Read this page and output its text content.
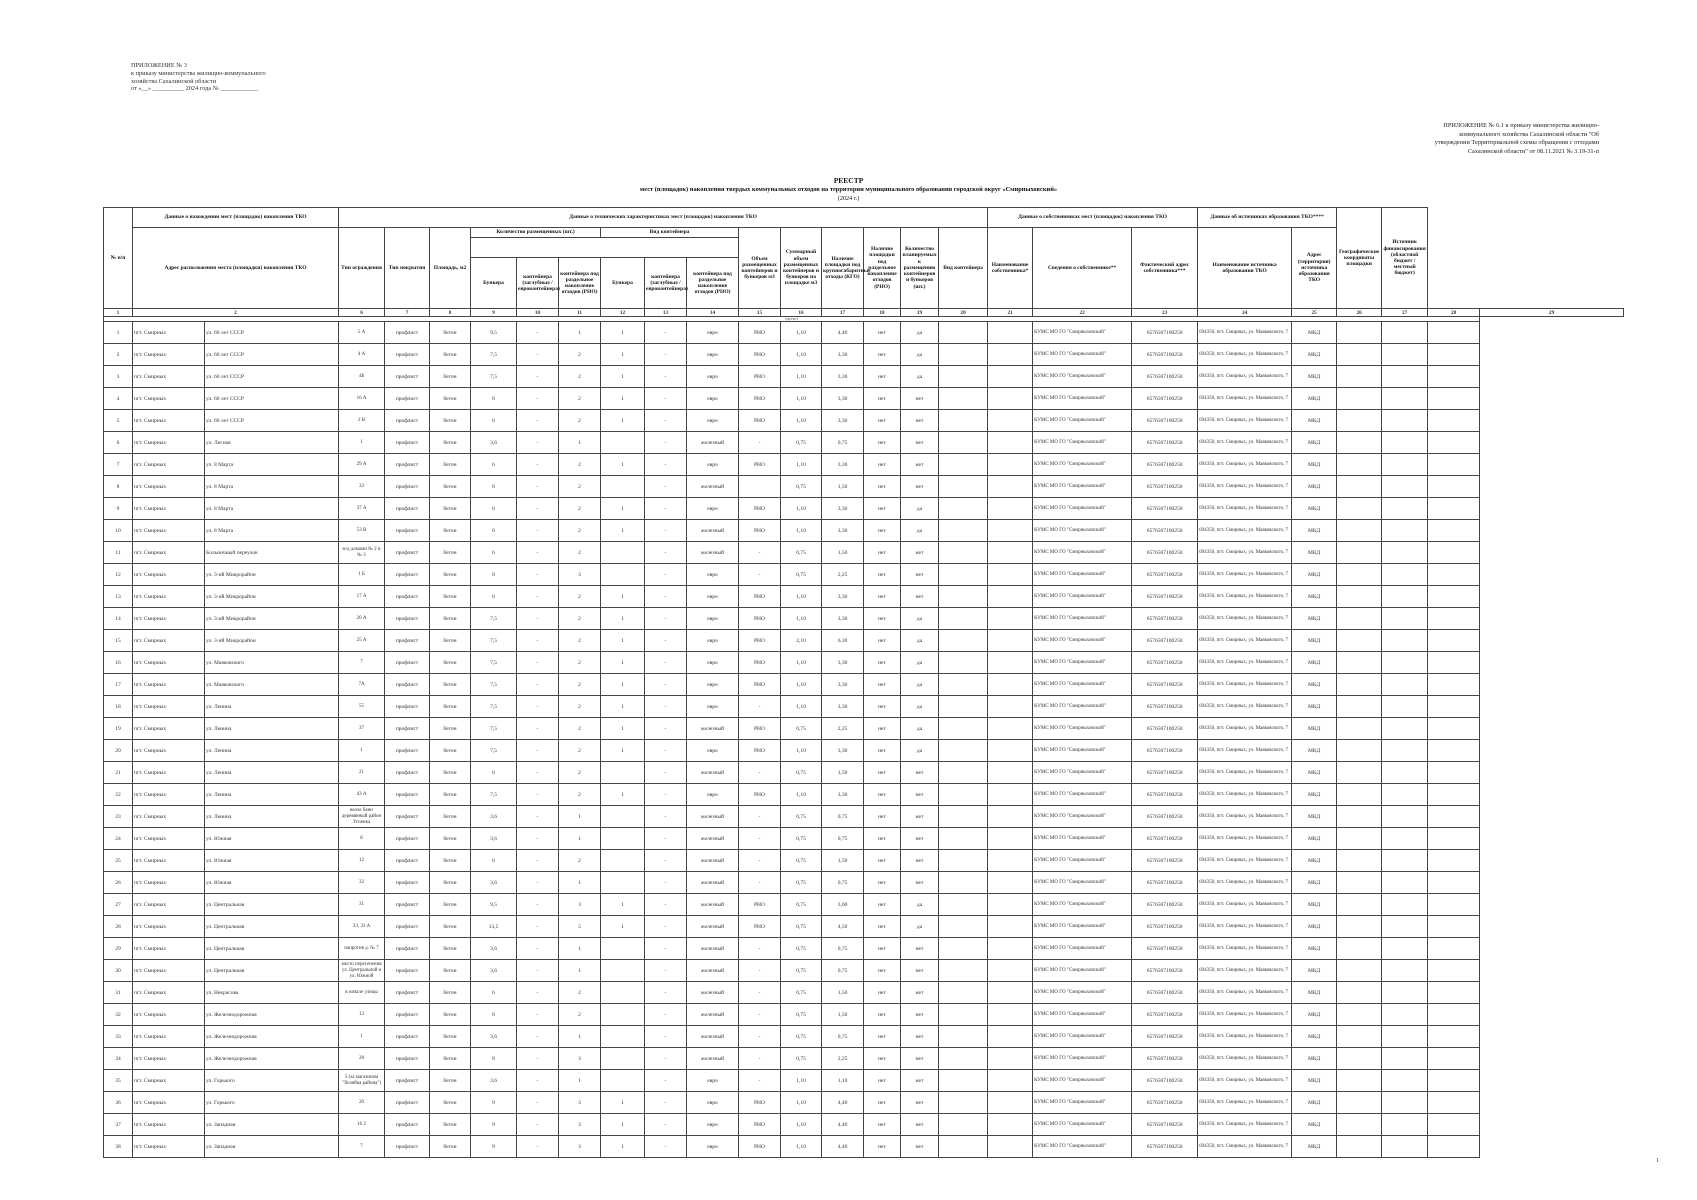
ПРИЛОЖЕНИЕ № 3
к приказу министерства жилищно-коммунального
хозяйства Сахалинской области
от «__» __________ 2024 года № ____________
ПРИЛОЖЕНИЕ № 6.1 к приказу министерства жилищно-
коммунального хозяйства Сахалинской области "Об
утверждении Территориальной схемы обращения с отходами
Сахалинской области" от 08.11.2021 № 3.19-31-п
РЕЕСТР
мест (площадок) накопления твердых коммунальных отходов на территории муниципального образования городской округ «Смирныховский»
(2024 г.)
№ п/п	Данные о нахождении мест (площадок) накопления ТКО		Данные о технических характеристиках мест (площадок) накопления ТКО															Данные о собственниках мест (площадок) накопления ТКО			Данные об источниках образования ТКО****		Географические координаты площадки	Источник финансирования (областной бюджет / местный бюджет)		
	Адрес расположения места (площадки) накопления ТКО		Тип ограждения	Тип покрытия	Площадь, м2	Количество размещенных (шт.)			Вид контейнера			Объем размещенных контейнеров и бункеров м3	Суммарный объем размещенных контейнеров и бункеров на площадке м3	Наличие площадки под крупногабаритные отходы (КГО)	Наличие площадки под раздельное накопление отходов (РНО)	Количество планируемых к размещению контейнеров и бункеров (шт.)	Вид контейнера	Наименование собственника*	Сведения о собственнике**	Фактический адрес собственника***	Наименование источника образования ТКО	Адрес (территория) источника образования ТКО				

						Бункера	контейнера (заглубные / евроконтейнера)	контейнера под раздельное накопление отходов (РНО)	Бункера	контейнера (заглубные / евроконтейнера)	контейнера под раздельное накопление отходов (РНО)															
1	2		6	7	8	9	10	11	12	13	14	15	16	17	18	19	20	21	22	23	24	25	26	27	28	29
(пусто)																										
1	пгт. Смирных	ул. 60 лет СССР	5 А	профлист	бетон	9,5	-	1	1	-	евро	РНО	1,10	4,40	нет	да			КУМС МО ГО "Смирныховский"	6576507100250	694350, пгт. Смирных, ул. Маяковского, 7	МКД				
2	пгт. Смирных	ул. 60 лет СССР	4 А	профлист	бетон	7,5	-	2	1	-	евро	РНО	1,10	3,30	нет	да			КУМС МО ГО "Смирныховский"	6576507100250	694350, пгт. Смирных, ул. Маяковского, 7	МКД				
3	пгт. Смирных	ул. 60 лет СССР	4Б	профлист	бетон	7,5	-	2	1	-	евро	РНО	1,10	3,30	нет	да			КУМС МО ГО "Смирныховский"	6576507100250	694350, пгт. Смирных, ул. Маяковского, 7	МКД				
4	пгт. Смирных	ул. 60 лет СССР	16 А	профлист	бетон	6	-	2	1	-	евро	РНО	1,10	3,30	нет	нет			КУМС МО ГО "Смирныховский"	6576507100250	694350, пгт. Смирных, ул. Маяковского, 7	МКД				
5	пгт. Смирных	ул. 60 лет СССР	2 В	профлист	бетон	6	-	2	1	-	евро	РНО	1,10	3,30	нет	нет			КУМС МО ГО "Смирныховский"	6576507100250	694350, пгт. Смирных, ул. Маяковского, 7	МКД				
6	пгт. Смирных	ул. Лесная	1	профлист	бетон	3,6	-	1		-	железный	-	0,75	0,75	нет	нет			КУМС МО ГО "Смирныховский"	6576507100250	694350, пгт. Смирных, ул. Маяковского, 7	МКД				
7	пгт. Смирных	ул. 8 Марта	29 А	профлист	бетон	6	-	2	1	-	евро	РНО	1,10	3,30	нет	нет			КУМС МО ГО "Смирныховский"	6576507100250	694350, пгт. Смирных, ул. Маяковского, 7	МКД				
8	пгт. Смирных	ул. 8 Марта	33	профлист	бетон	6	-	2		-	железный		0,75	1,50	нет	нет			КУМС МО ГО "Смирныховский"	6576507100250	694350, пгт. Смирных, ул. Маяковского, 7	МКД				
9	пгт. Смирных	ул. 8 Марта	37 А	профлист	бетон	6	-	2	1	-	евро	РНО	1,10	3,30	нет	да			КУМС МО ГО "Смирныховский"	6576507100250	694350, пгт. Смирных, ул. Маяковского, 7	МКД				
10	пгт. Смирных	ул. 8 Марта	53 В	профлист	бетон	6	-	2	1	-	железный	РНО	1,10	3,30	нет	да			КУМС МО ГО "Смирныховский"	6576507100250	694350, пгт. Смирных, ул. Маяковского, 7	МКД				
11	пгт. Смирных	Больничный переулок	м/д домами № 2 и № 3	профлист	бетон	6	-	2		-	железный	-	0,75	1,50	нет	нет			КУМС МО ГО "Смирныховский"	6576507100250	694350, пгт. Смирных, ул. Маяковского, 7	МКД				
12	пгт. Смирных	ул. 3-ий Микрорайон	1 Б	профлист	бетон	8	-	3		-	евро	-	0,75	2,25	нет	нет			КУМС МО ГО "Смирныховский"	6576507100250	694350, пгт. Смирных, ул. Маяковского, 7	МКД				
13	пгт. Смирных	ул. 3-ий Микрорайон	17 А	профлист	бетон	6	-	2	1	-	евро	РНО	1,10	3,30	нет	нет			КУМС МО ГО "Смирныховский"	6576507100250	694350, пгт. Смирных, ул. Маяковского, 7	МКД				
14	пгт. Смирных	ул. 3-ий Микрорайон	20 А	профлист	бетон	7,5	-	2	1	-	евро	РНО	1,10	3,30	нет	да			КУМС МО ГО "Смирныховский"	6576507100250	694350, пгт. Смирных, ул. Маяковского, 7	МКД				
15	пгт. Смирных	ул. 3-ий Микрорайон	25 А	профлист	бетон	7,5	-	2	1	-	евро	РНО	2,10	6,30	нет	да			КУМС МО ГО "Смирныховский"	6576507100250	694350, пгт. Смирных, ул. Маяковского, 7	МКД				
16	пгт. Смирных	ул. Маяковского	7	профлист	бетон	7,5	-	2	1	-	евро	РНО	1,10	3,30	нет	да			КУМС МО ГО "Смирныховский"	6576507100250	694350, пгт. Смирных, ул. Маяковского, 7	МКД				
17	пгт. Смирных	ул. Маяковского	7А	профлист	бетон	7,5	-	2	1	-	евро	РНО	1,10	3,30	нет	да			КУМС МО ГО "Смирныховский"	6576507100250	694350, пгт. Смирных, ул. Маяковского, 7	МКД				
18	пгт. Смирных	ул. Ленина	55	профлист	бетон	7,5	-	2	1	-	евро	-	1,10	3,30	нет	да			КУМС МО ГО "Смирныховский"	6576507100250	694350, пгт. Смирных, ул. Маяковского, 7	МКД				
19	пгт. Смирных	ул. Ленина	37	профлист	бетон	7,5	-	2	1	-	железный	РНО	0,75	2,25	нет	да			КУМС МО ГО "Смирныховский"	6576507100250	694350, пгт. Смирных, ул. Маяковского, 7	МКД				
20	пгт. Смирных	ул. Ленина	1	профлист	бетон	7,5	-	2	1	-	евро	РНО	1,10	3,30	нет	да			КУМС МО ГО "Смирныховский"	6576507100250	694350, пгт. Смирных, ул. Маяковского, 7	МКД				
21	пгт. Смирных	ул. Ленина	21	профлист	бетон	6	-	2		-	железный	-	0,75	1,50	нет	нет			КУМС МО ГО "Смирныховский"	6576507100250	694350, пгт. Смирных, ул. Маяковского, 7	МКД				
22	пгт. Смирных	ул. Ленина	43 А	профлист	бетон	7,5	-	2	1	-	евро	РНО	1,10	3,30	нет	нет			КУМС МО ГО "Смирныховский"	6576507100250	694350, пгт. Смирных, ул. Маяковского, 7	МКД				
23	пгт. Смирных	ул. Ленина	возле бани деревянный район Успенка	профлист	бетон	3,6	-	1		-	железный	-	0,75	0,75	нет	нет			КУМС МО ГО "Смирныховский"	6576507100250	694350, пгт. Смирных, ул. Маяковского, 7	МКД				
24	пгт. Смирных	ул. Южная	8	профлист	бетон	3,6	-	1		-	железный	-	0,75	0,75	нет	нет			КУМС МО ГО "Смирныховский"	6576507100250	694350, пгт. Смирных, ул. Маяковского, 7	МКД				
25	пгт. Смирных	ул. Южная	12	профлист	бетон	6	-	2		-	железный	-	0,75	1,50	нет	нет			КУМС МО ГО "Смирныховский"	6576507100250	694350, пгт. Смирных, ул. Маяковского, 7	МКД				
26	пгт. Смирных	ул. Южная	32	профлист	бетон	3,6	-	1		-	железный	-	0,75	0,75	нет	нет			КУМС МО ГО "Смирныховский"	6576507100250	694350, пгт. Смирных, ул. Маяковского, 7	МКД				
27	пгт. Смирных	ул. Центральная	31	профлист	бетон	9,5	-	3	1	-	железный	РНО	0,75	3,00	нет	да			КУМС МО ГО "Смирныховский"	6576507100250	694350, пгт. Смирных, ул. Маяковского, 7	МКД				
28	пгт. Смирных	ул. Центральная	33, 33 А	профлист	бетон	13,5	-	5	1	-	железный	РНО	0,75	4,50	нет	да			КУМС МО ГО "Смирныховский"	6576507100250	694350, пгт. Смирных, ул. Маяковского, 7	МКД				
29	пгт. Смирных	ул. Центральная	напротив д. № 7	профлист	бетон	3,6	-	1		-	железный	-	0,75	0,75	нет	нет			КУМС МО ГО "Смирныховский"	6576507100250	694350, пгт. Смирных, ул. Маяковского, 7	МКД				
30	пгт. Смирных	ул. Центральная	место пересечения ул. Центральной и ул. Южной	профлист	бетон	3,6	-	1		-	железный	-	0,75	0,75	нет	нет			КУМС МО ГО "Смирныховский"	6576507100250	694350, пгт. Смирных, ул. Маяковского, 7	МКД				
31	пгт. Смирных	ул. Некрасова	в начале улицы	профлист	бетон	6	-	2		-	железный	-	0,75	1,50	нет	нет			КУМС МО ГО "Смирныховский"	6576507100250	694350, пгт. Смирных, ул. Маяковского, 7	МКД				
32	пгт. Смирных	ул. Железнодорожная	13	профлист	бетон	6	-	2		-	железный	-	0,75	1,50	нет	нет			КУМС МО ГО "Смирныховский"	6576507100250	694350, пгт. Смирных, ул. Маяковского, 7	МКД				
33	пгт. Смирных	ул. Железнодорожная	1	профлист	бетон	3,6	-	1		-	железный	-	0,75	0,75	нет	нет			КУМС МО ГО "Смирныховский"	6576507100250	694350, пгт. Смирных, ул. Маяковского, 7	МКД				
34	пгт. Смирных	ул. Железнодорожная	28	профлист	бетон	8	-	3		-	железный	-	0,75	2,25	нет	нет			КУМС МО ГО "Смирныховский"	6576507100250	694350, пгт. Смирных, ул. Маяковского, 7	МКД				
35	пгт. Смирных	ул. Горького	5 (за магазином "Хозяйка района")	профлист	бетон	3,6	-	1		-	евро	-	1,10	1,10	нет	нет			КУМС МО ГО "Смирныховский"	6576507100250	694350, пгт. Смирных, ул. Маяковского, 7	МКД				
36	пгт. Смирных	ул. Горького	20	профлист	бетон	9	-	3	1	-	евро	РНО	1,10	4,40	нет	нет			КУМС МО ГО "Смирныховский"	6576507100250	694350, пгт. Смирных, ул. Маяковского, 7	МКД				
37	пгт. Смирных	ул. Западная	16 2	профлист	бетон	9	-	3	1	-	евро	РНО	1,10	4,40	нет	нет			КУМС МО ГО "Смирныховский"	6576507100250	694350, пгт. Смирных, ул. Маяковского, 7	МКД				
38	пгт. Смирных	ул. Западная	7	профлист	бетон	9	-	3	1	-	евро	РНО	1,10	4,40	нет	нет			КУМС МО ГО "Смирныховский"	6576507100250	694350, пгт. Смирных, ул. Маяковского, 7	МКД				
1
